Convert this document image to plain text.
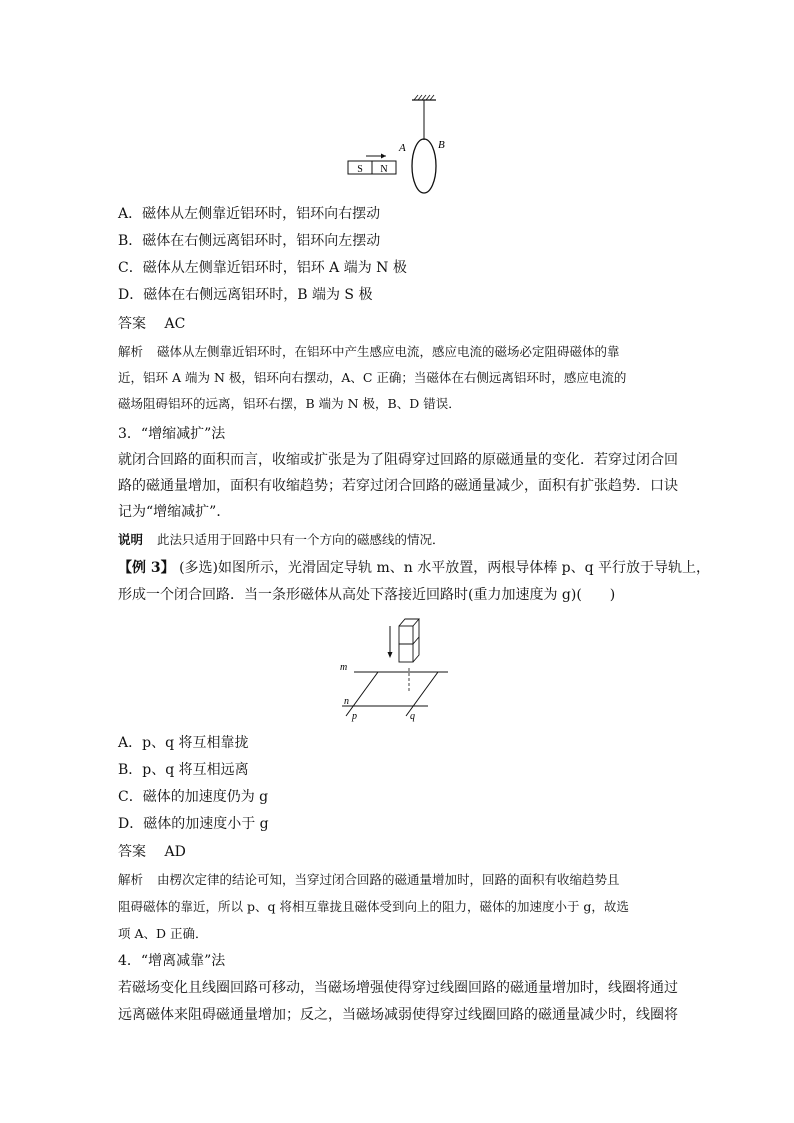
S N
A	B
A．磁体从左侧靠近铝环时，铝环向右摆动
B．磁体在右侧远离铝环时，铝环向左摆动
C．磁体从左侧靠近铝环时，铝环 A 端为 N 极
D．磁体在右侧远离铝环时，B 端为 S 极
答案 AC
解析 磁体从左侧靠近铝环时，在铝环中产生感应电流，感应电流的磁场必定阻碍磁体的靠
近，铝环 A 端为 N 极，铝环向右摆动，A、C 正确；当磁体在右侧远离铝环时，感应电流的
磁场阻碍铝环的远离，铝环右摆，B 端为 N 极，B、D 错误．
3．“增缩减扩”法
就闭合回路的面积而言，收缩或扩张是为了阻碍穿过回路的原磁通量的变化．若穿过闭合回
路的磁通量增加，面积有收缩趋势；若穿过闭合回路的磁通量减少，面积有扩张趋势．口诀
记为“增缩减扩”．
说明 此法只适用于回路中只有一个方向的磁感线的情况．
【例 3】 (多选)如图所示，光滑固定导轨 m、n 水平放置，两根导体棒 p、q 平行放于导轨上，
形成一个闭合回路．当一条形磁体从高处下落接近回路时(重力加速度为 g)(　　)
m
n
p	q
A．p、q 将互相靠拢
B．p、q 将互相远离
C．磁体的加速度仍为 g
D．磁体的加速度小于 g
答案 AD
解析 由楞次定律的结论可知，当穿过闭合回路的磁通量增加时，回路的面积有收缩趋势且
阻碍磁体的靠近，所以 p、q 将相互靠拢且磁体受到向上的阻力，磁体的加速度小于 g，故选
项 A、D 正确．
4．“增离减靠”法
若磁场变化且线圈回路可移动，当磁场增强使得穿过线圈回路的磁通量增加时，线圈将通过
远离磁体来阻碍磁通量增加；反之，当磁场减弱使得穿过线圈回路的磁通量减少时，线圈将
